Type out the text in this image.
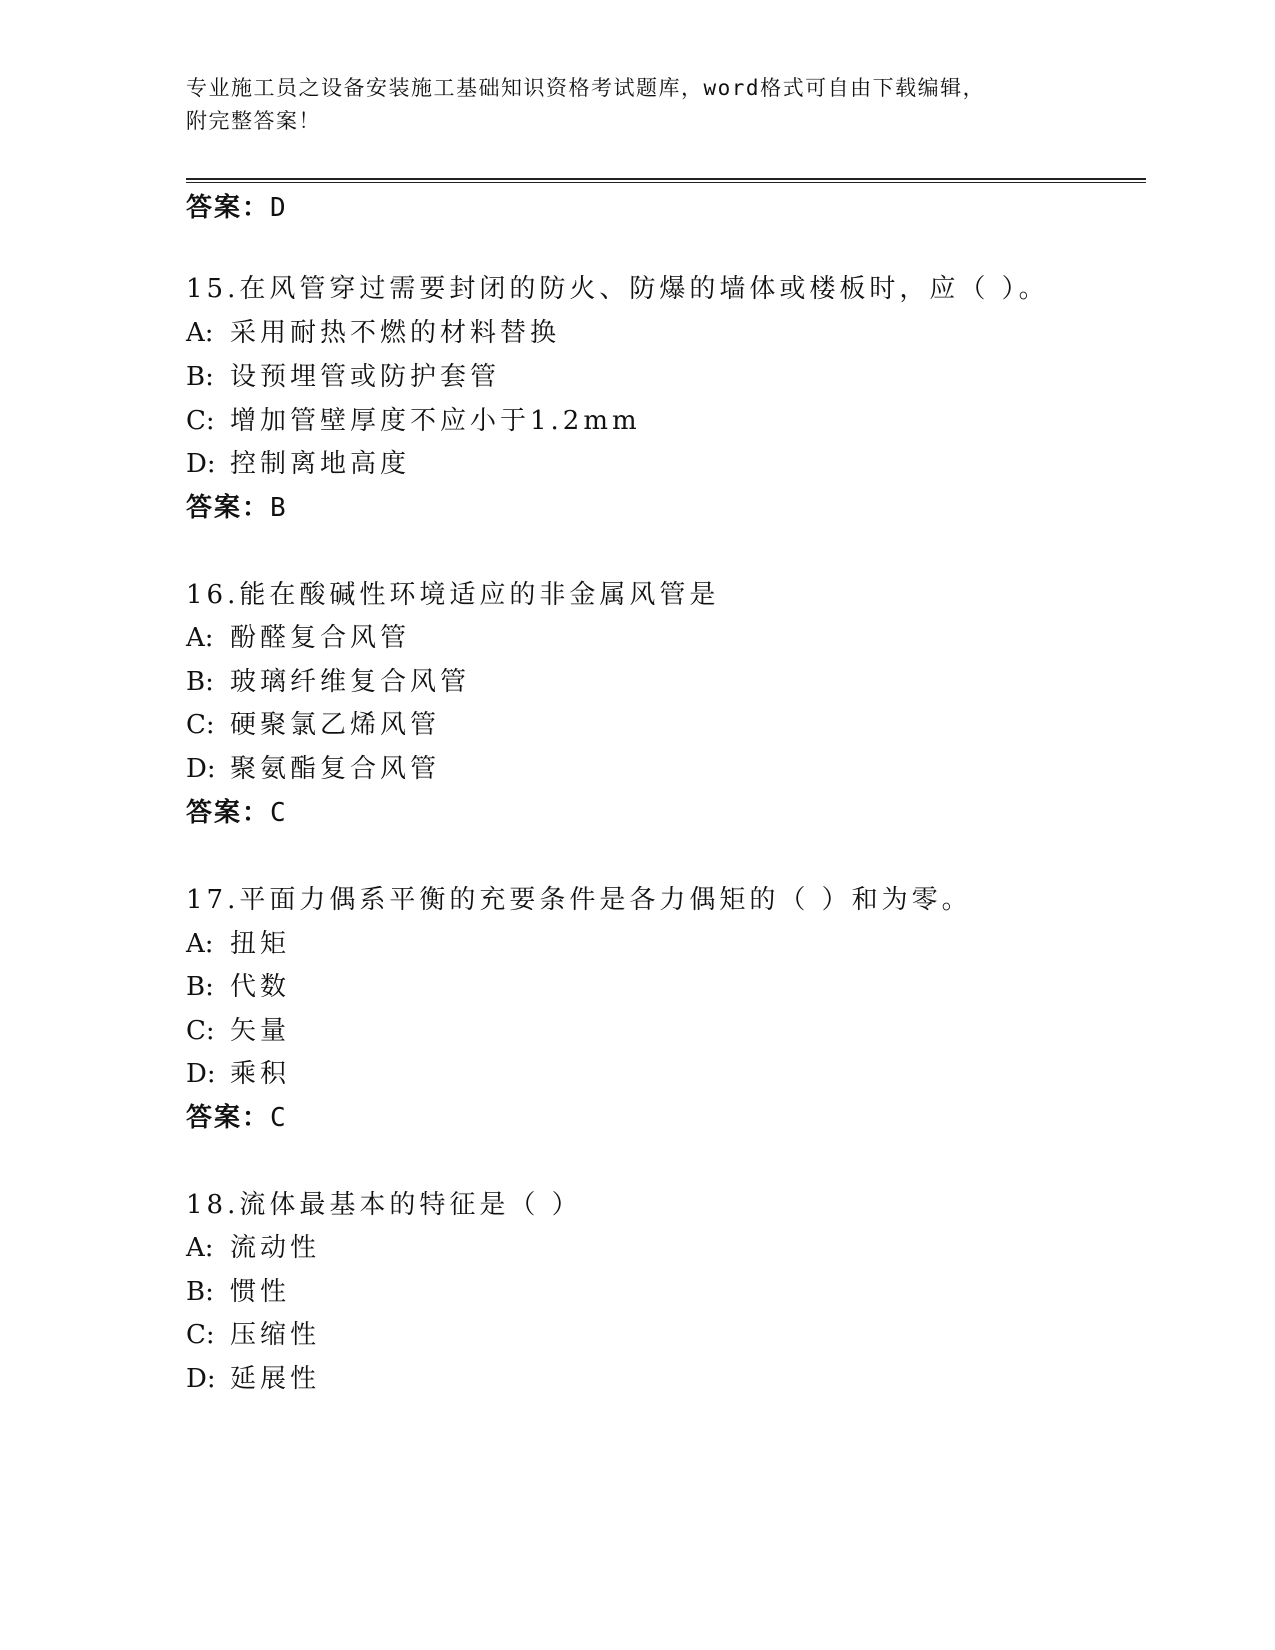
专业施工员之设备安装施工基础知识资格考试题库，word格式可自由下载编辑，
附完整答案！
答案：D
15.在风管穿过需要封闭的防火、防爆的墙体或楼板时，应（ ）。
A: 采用耐热不燃的材料替换
B: 设预埋管或防护套管
C: 增加管壁厚度不应小于1.2mm
D: 控制离地高度
答案：B
16.能在酸碱性环境适应的非金属风管是
A: 酚醛复合风管
B: 玻璃纤维复合风管
C: 硬聚氯乙烯风管
D: 聚氨酯复合风管
答案：C
17.平面力偶系平衡的充要条件是各力偶矩的（ ）和为零。
A: 扭矩
B: 代数
C: 矢量
D: 乘积
答案：C
18.流体最基本的特征是（ ）
A: 流动性
B: 惯性
C: 压缩性
D: 延展性
